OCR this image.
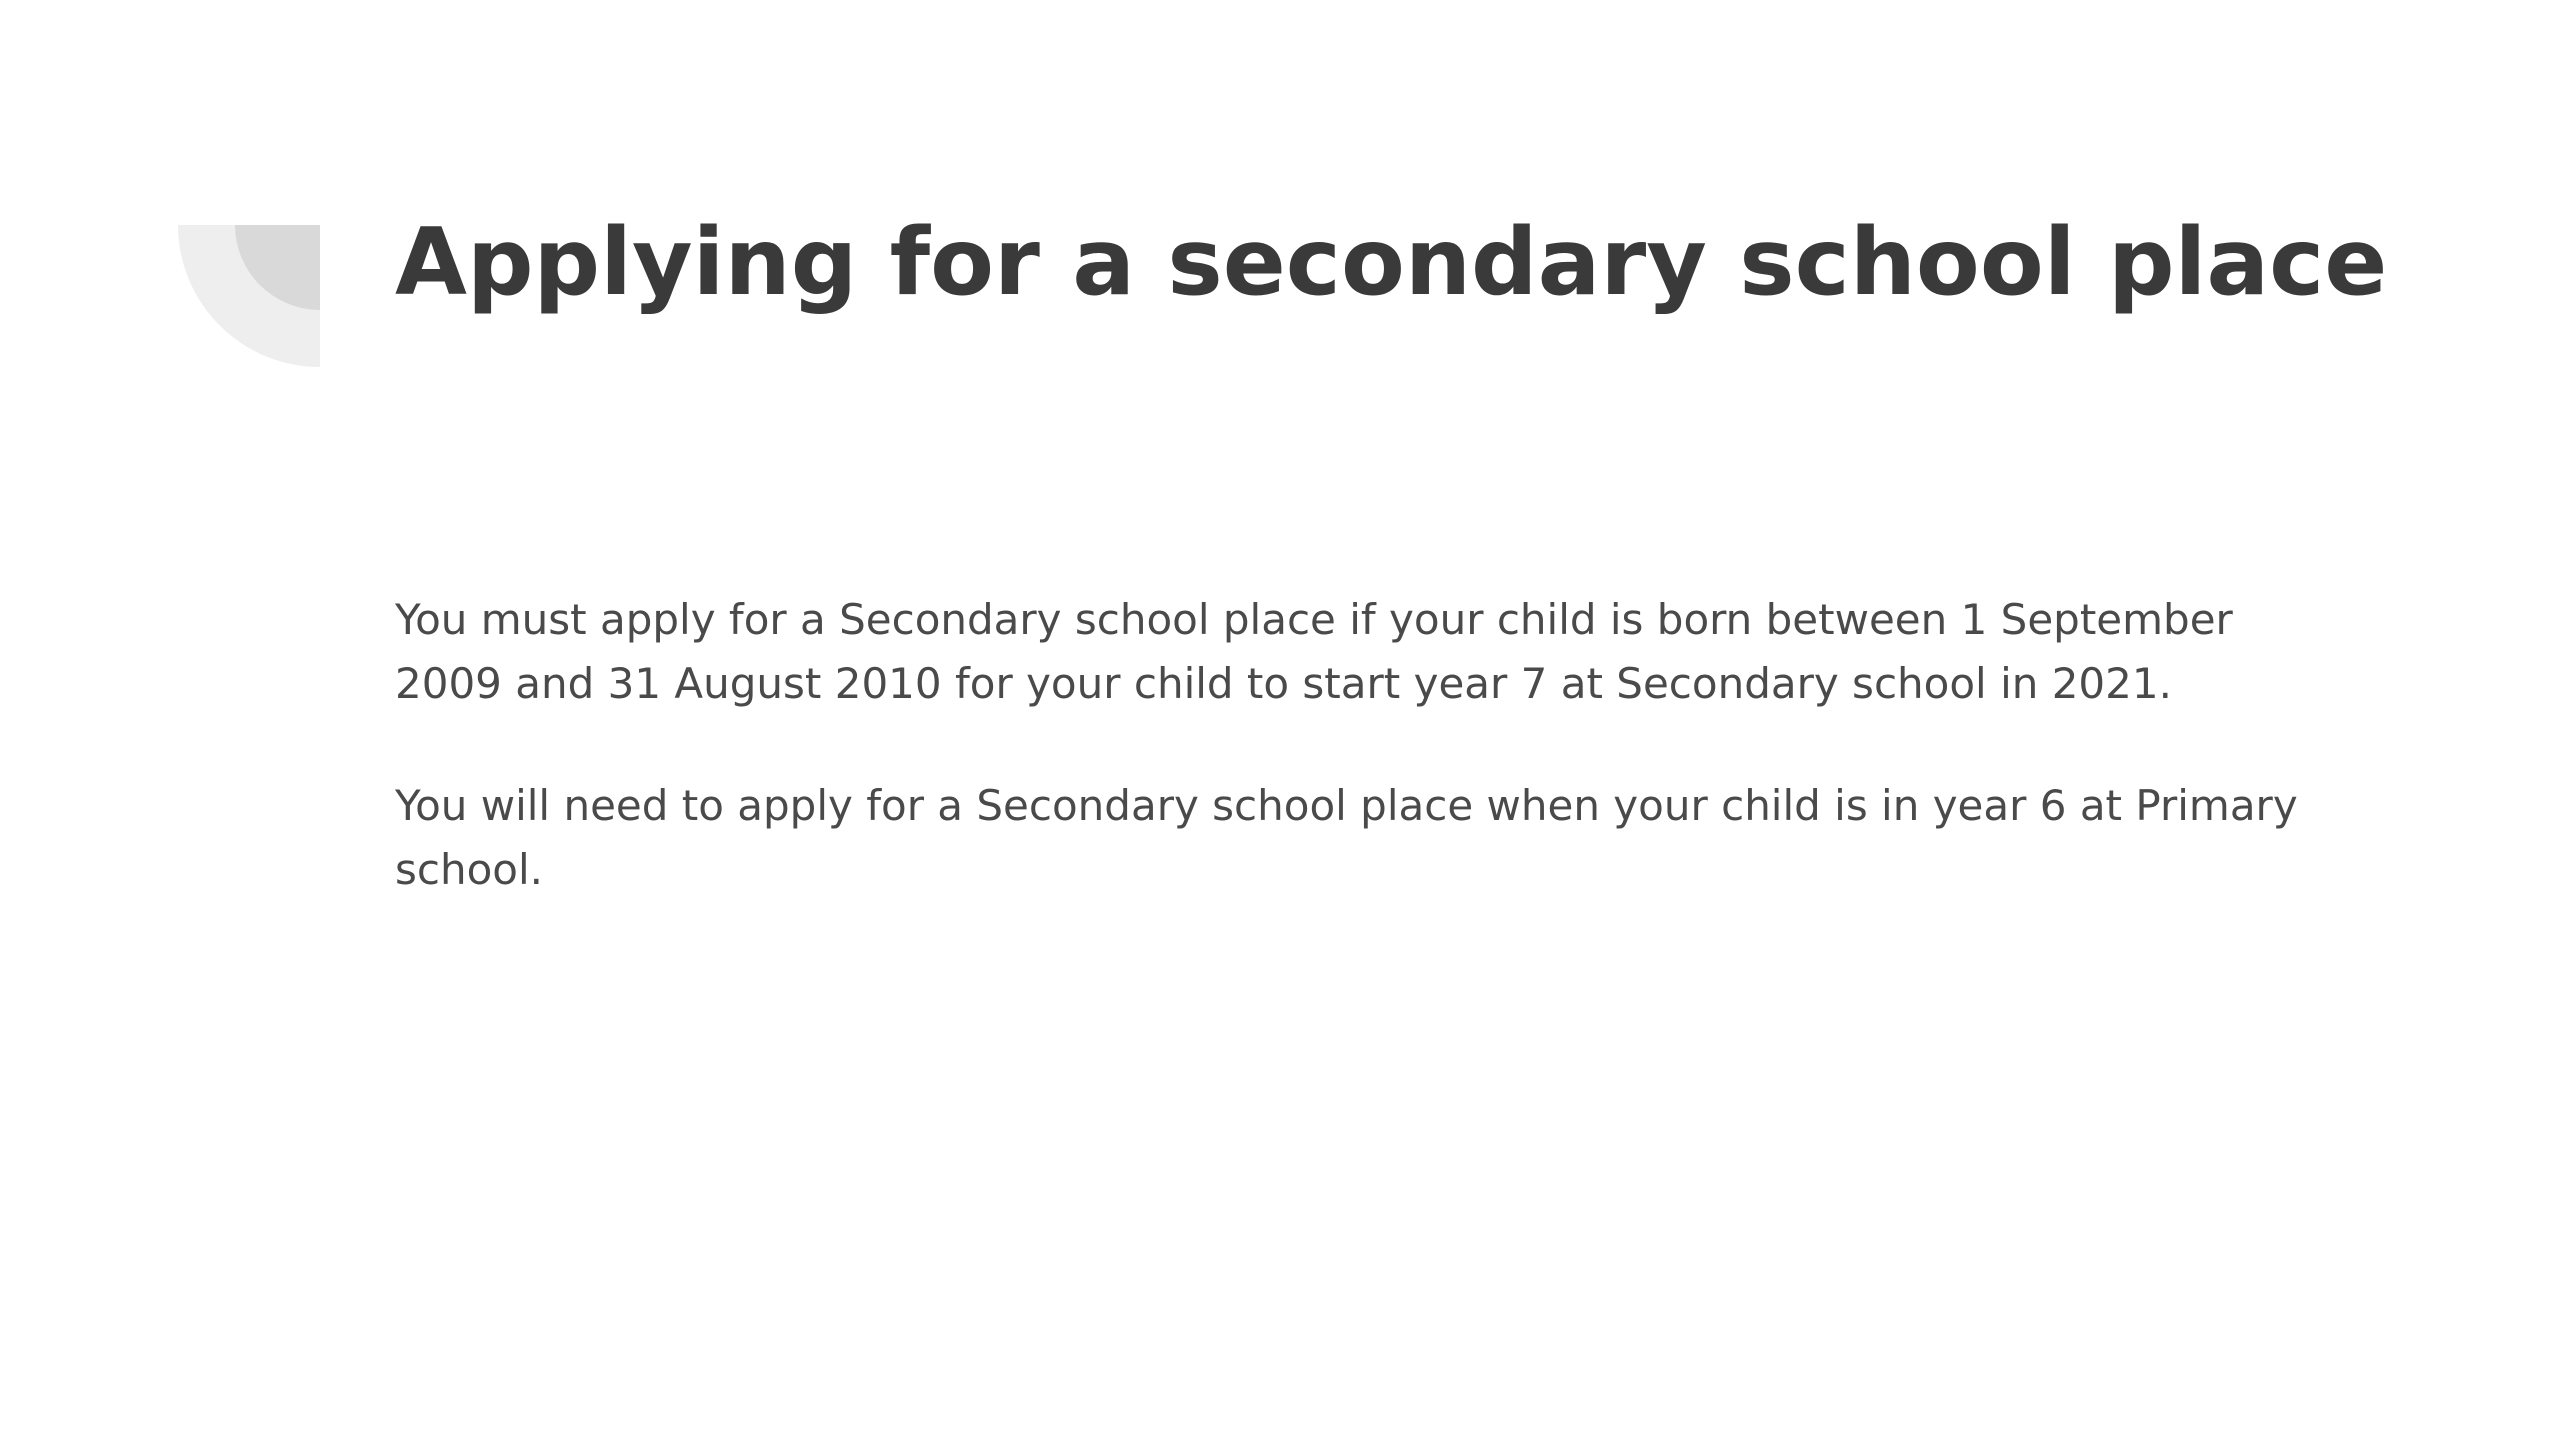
Applying for a secondary school place

You must apply for a Secondary school place if your child is born between 1 September 2009 and 31 August 2010 for your child to start year 7 at Secondary school in 2021.

You will need to apply for a Secondary school place when your child is in year 6 at Primary school.
